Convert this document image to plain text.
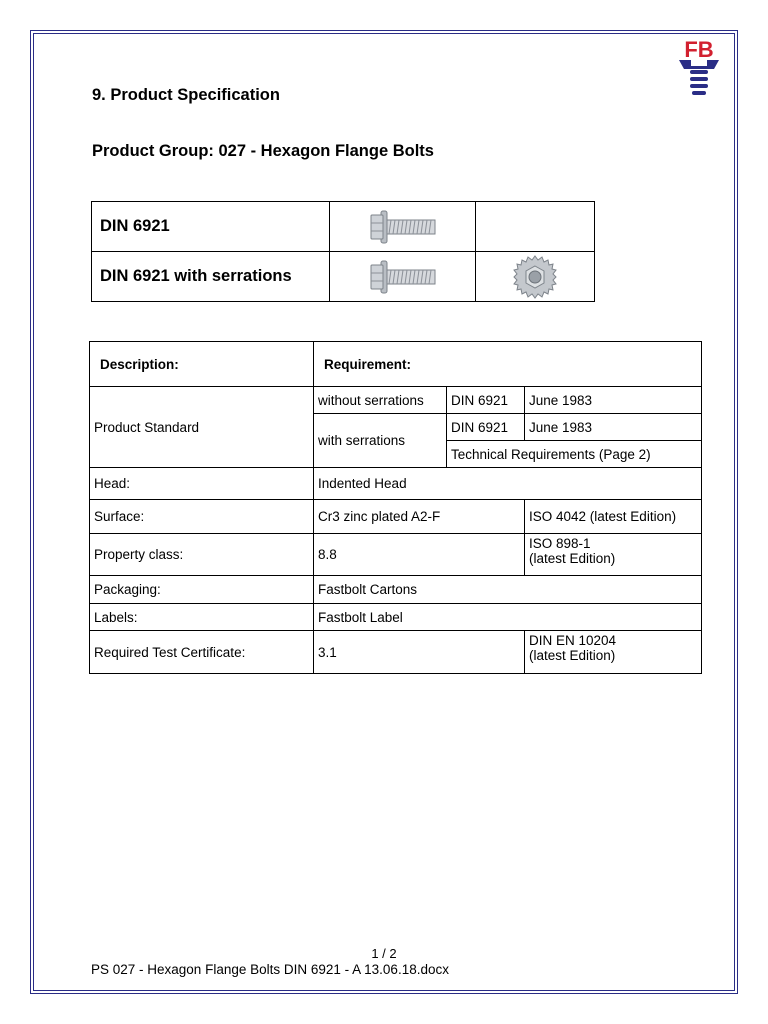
FB
9. Product Specification
Product Group: 027 - Hexagon Flange Bolts
DIN 6921	

DIN 6921 with serrations	

Description:	Requirement:		
Product Standard	without serrations	DIN 6921	June 1983
	with serrations	DIN 6921	June 1983
		Technical Requirements (Page 2)	
Head:	Indented Head		
Surface:	Cr3 zinc plated A2-F		ISO 4042 (latest Edition)
Property class:	8.8		ISO 898-1
(latest Edition)

Packaging:	Fastbolt Cartons		
Labels:	Fastbolt Label		
Required Test Certificate:	3.1		DIN EN 10204
(latest Edition)
1 / 2
PS 027 - Hexagon Flange Bolts DIN 6921 - A 13.06.18.docx
